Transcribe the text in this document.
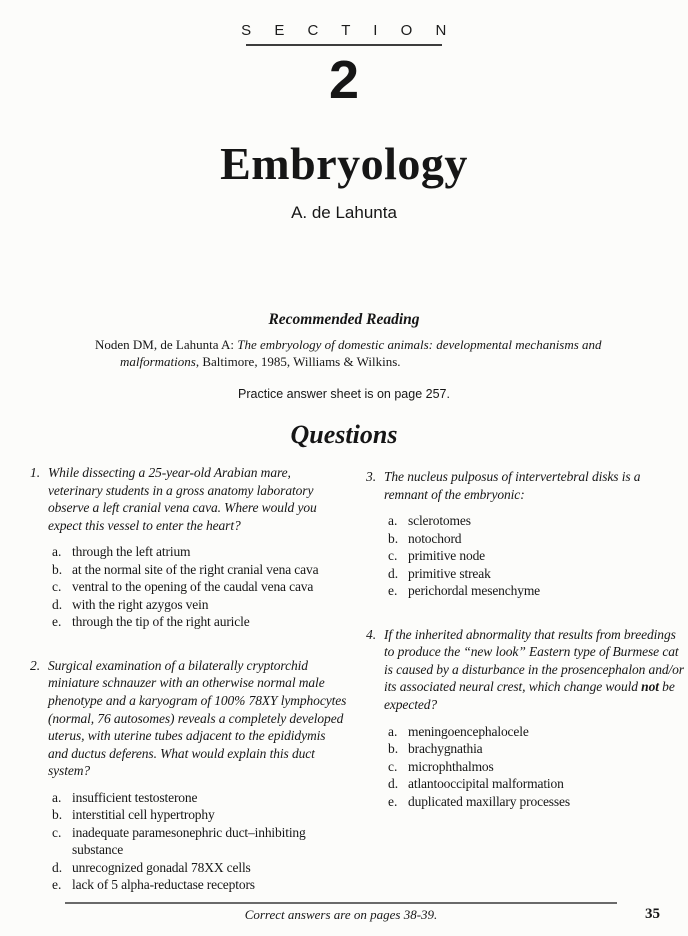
S E C T I O N
2
Embryology
A. de Lahunta
Recommended Reading
Noden DM, de Lahunta A: The embryology of domestic animals: developmental mechanisms and
malformations, Baltimore, 1985, Williams & Wilkins.
Practice answer sheet is on page 257.
Questions
1. While dissecting a 25-year-old Arabian mare, veterinary students in a gross anatomy laboratory observe a left cranial vena cava. Where would you expect this vessel to enter the heart?
a. through the left atrium
b. at the normal site of the right cranial vena cava
c. ventral to the opening of the caudal vena cava
d. with the right azygos vein
e. through the tip of the right auricle
2. Surgical examination of a bilaterally cryptorchid miniature schnauzer with an otherwise normal male phenotype and a karyogram of 100% 78XY lymphocytes (normal, 76 autosomes) reveals a completely developed uterus, with uterine tubes adjacent to the epididymis and ductus deferens. What would explain this duct system?
a. insufficient testosterone
b. interstitial cell hypertrophy
c. inadequate paramesonephric duct–inhibiting substance
d. unrecognized gonadal 78XX cells
e. lack of 5 alpha-reductase receptors
3. The nucleus pulposus of intervertebral disks is a remnant of the embryonic:
a. sclerotomes
b. notochord
c. primitive node
d. primitive streak
e. perichordal mesenchyme
4. If the inherited abnormality that results from breedings to produce the “new look” Eastern type of Burmese cat is caused by a disturbance in the prosencephalon and/or its associated neural crest, which change would not be expected?
a. meningoencephalocele
b. brachygnathia
c. microphthalmos
d. atlantooccipital malformation
e. duplicated maxillary processes
Correct answers are on pages 38-39.	35
